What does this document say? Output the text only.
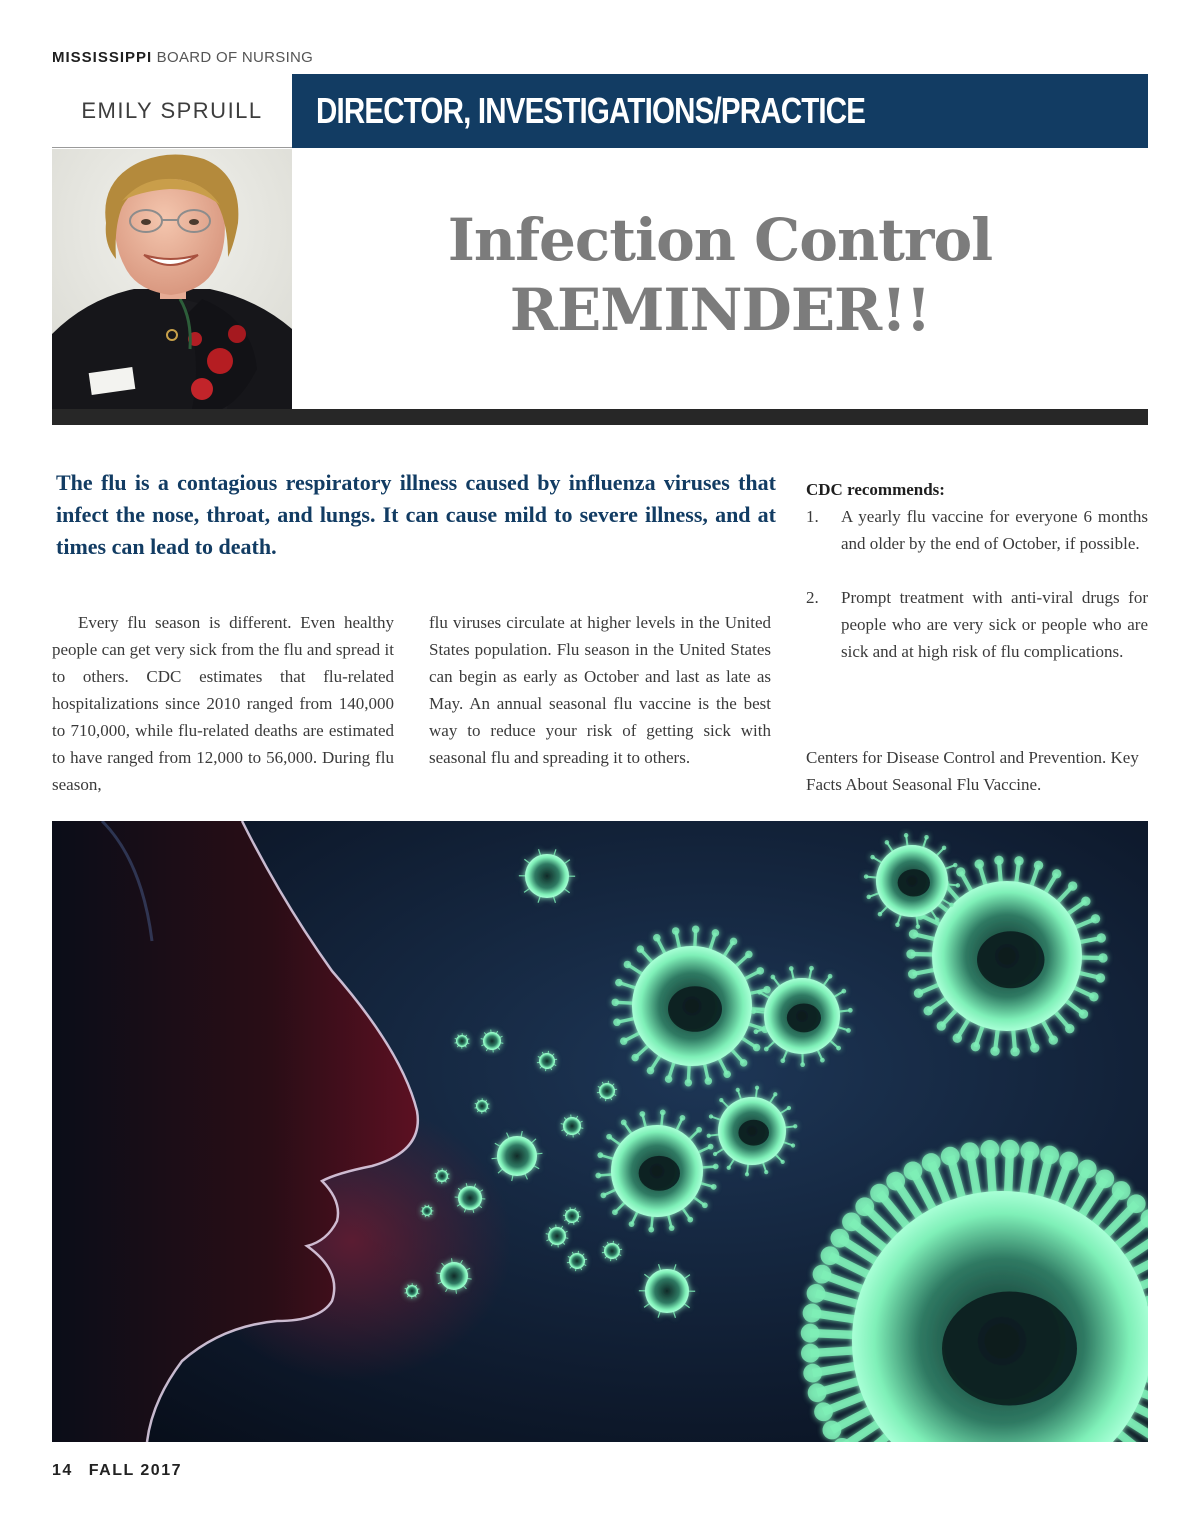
MISSISSIPPI BOARD OF NURSING
EMILY SPRUILL	DIRECTOR, INVESTIGATIONS/PRACTICE
Infection Control
REMINDER!!

The flu is a contagious respiratory illness caused by influenza viruses that infect the nose, throat, and lungs. It can cause mild to severe illness, and at times can lead to death.

CDC recommends:
1. A yearly flu vaccine for everyone 6 months and older by the end of October, if possible.
2. Prompt treatment with anti-viral drugs for people who are very sick or people who are sick and at high risk of flu complications.

Every flu season is different. Even healthy people can get very sick from the flu and spread it to others. CDC estimates that flu-related hospitalizations since 2010 ranged from 140,000 to 710,000, while flu-related deaths are estimated to have ranged from 12,000 to 56,000. During flu season,

flu viruses circulate at higher levels in the United States population. Flu season in the United States can begin as early as October and last as late as May. An annual seasonal flu vaccine is the best way to reduce your risk of getting sick with seasonal flu and spreading it to others.	Centers for Disease Control and Prevention. Key Facts About Seasonal Flu Vaccine.

14 FALL 2017
